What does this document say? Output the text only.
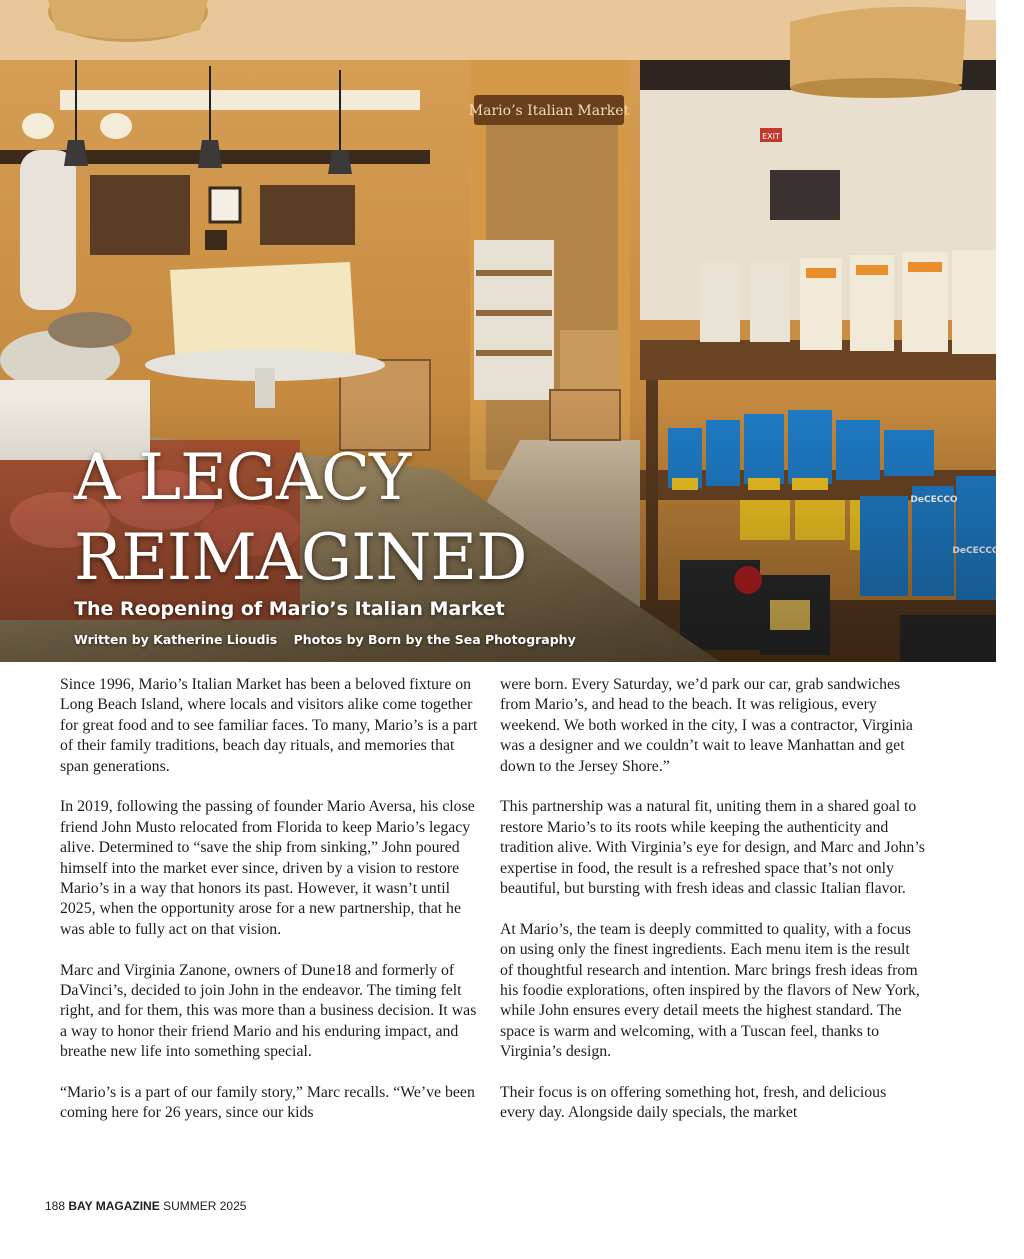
A LEGACY
REIMAGINED
The Reopening of Mario’s Italian Market
Written by Katherine Lioudis Photos by Born by the Sea Photography

Since 1996, Mario’s Italian Market has been a beloved fixture on Long Beach Island, where locals and visitors alike come together for great food and to see familiar faces. To many, Mario’s is a part of their family traditions, beach day rituals, and memories that span generations.

In 2019, following the passing of founder Mario Aversa, his close friend John Musto relocated from Florida to keep Mario’s legacy alive. Determined to “save the ship from sinking,” John poured himself into the market ever since, driven by a vision to restore Mario’s in a way that honors its past. However, it wasn’t until 2025, when the opportunity arose for a new partnership, that he was able to fully act on that vision.

Marc and Virginia Zanone, owners of Dune18 and formerly of DaVinci’s, decided to join John in the endeavor. The timing felt right, and for them, this was more than a business decision. It was a way to honor their friend Mario and his enduring impact, and breathe new life into something special.

“Mario’s is a part of our family story,” Marc recalls. “We’ve been coming here for 26 years, since our kids

were born. Every Saturday, we’d park our car, grab sandwiches from Mario’s, and head to the beach. It was religious, every weekend. We both worked in the city, I was a contractor, Virginia was a designer and we couldn’t wait to leave Manhattan and get down to the Jersey Shore.”

This partnership was a natural fit, uniting them in a shared goal to restore Mario’s to its roots while keeping the authenticity and tradition alive. With Virginia’s eye for design, and Marc and John’s expertise in food, the result is a refreshed space that’s not only beautiful, but bursting with fresh ideas and classic Italian flavor.

At Mario’s, the team is deeply committed to quality, with a focus on using only the finest ingredients. Each menu item is the result of thoughtful research and intention. Marc brings fresh ideas from his foodie explorations, often inspired by the flavors of New York, while John ensures every detail meets the highest standard. The space is warm and welcoming, with a Tuscan feel, thanks to Virginia’s design.

Their focus is on offering something hot, fresh, and delicious every day. Alongside daily specials, the market

188 BAY MAGAZINE SUMMER 2025
